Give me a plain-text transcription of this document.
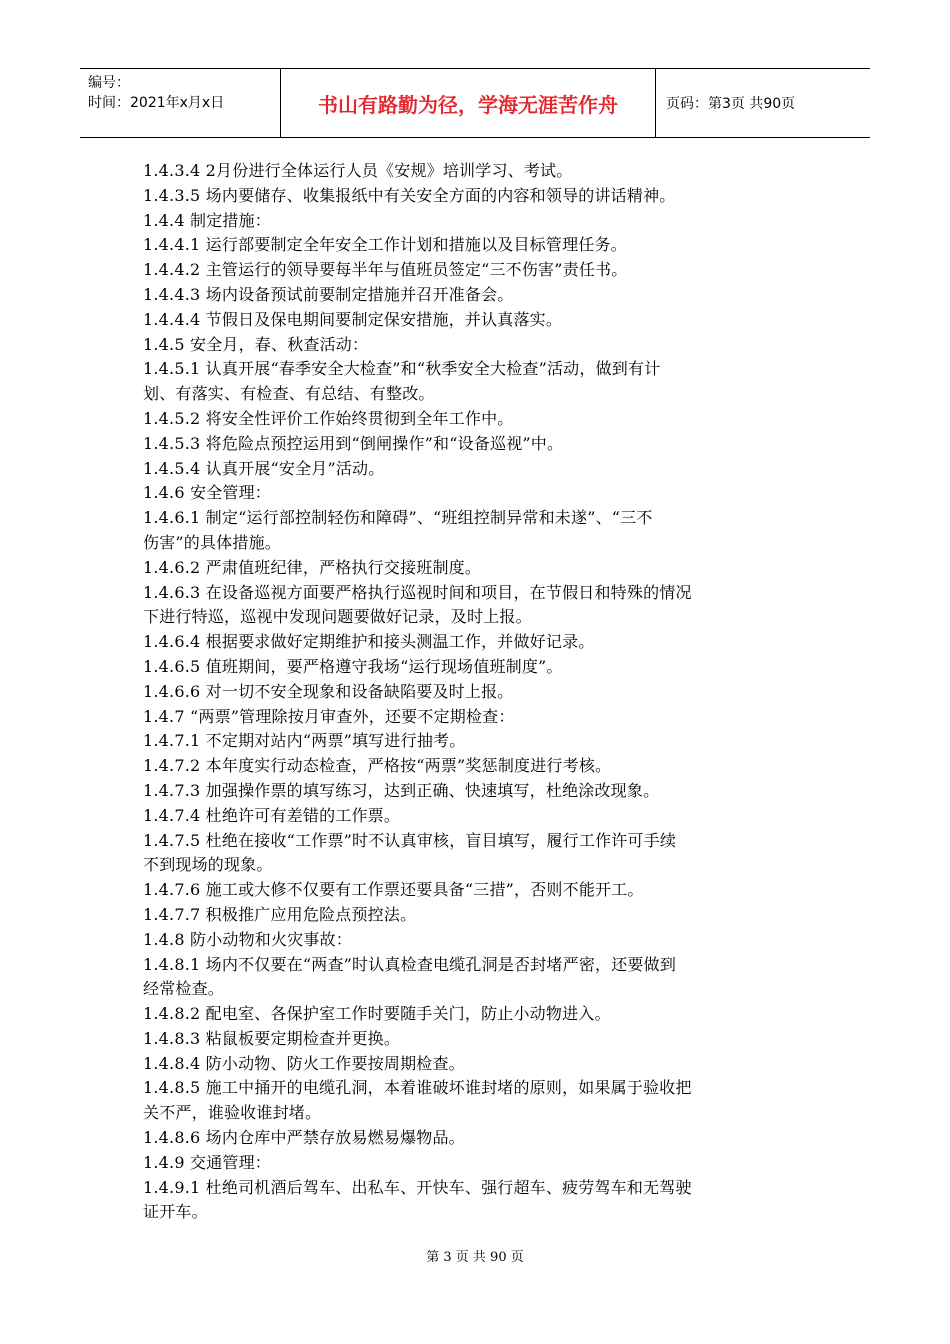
编号：
时间：2021年x月x日	书山有路勤为径，学海无涯苦作舟	页码：第3页 共90页
1.4.3.4 2月份进行全体运行人员《安规》培训学习、考试。
1.4.3.5 场内要储存、收集报纸中有关安全方面的内容和领导的讲话精神。
1.4.4 制定措施：
1.4.4.1 运行部要制定全年安全工作计划和措施以及目标管理任务。
1.4.4.2 主管运行的领导要每半年与值班员签定“三不伤害”责任书。
1.4.4.3 场内设备预试前要制定措施并召开准备会。
1.4.4.4 节假日及保电期间要制定保安措施，并认真落实。
1.4.5 安全月，春、秋查活动：
1.4.5.1 认真开展“春季安全大检查”和“秋季安全大检查”活动，做到有计
划、有落实、有检查、有总结、有整改。
1.4.5.2 将安全性评价工作始终贯彻到全年工作中。
1.4.5.3 将危险点预控运用到“倒闸操作”和“设备巡视”中。
1.4.5.4 认真开展“安全月”活动。
1.4.6 安全管理：
1.4.6.1 制定“运行部控制轻伤和障碍”、“班组控制异常和未遂”、“三不
伤害”的具体措施。
1.4.6.2 严肃值班纪律，严格执行交接班制度。
1.4.6.3 在设备巡视方面要严格执行巡视时间和项目，在节假日和特殊的情况
下进行特巡，巡视中发现问题要做好记录，及时上报。
1.4.6.4 根据要求做好定期维护和接头测温工作，并做好记录。
1.4.6.5 值班期间，要严格遵守我场“运行现场值班制度”。
1.4.6.6 对一切不安全现象和设备缺陷要及时上报。
1.4.7 “两票”管理除按月审查外，还要不定期检查：
1.4.7.1 不定期对站内“两票”填写进行抽考。
1.4.7.2 本年度实行动态检查，严格按“两票”奖惩制度进行考核。
1.4.7.3 加强操作票的填写练习，达到正确、快速填写，杜绝涂改现象。
1.4.7.4 杜绝许可有差错的工作票。
1.4.7.5 杜绝在接收“工作票”时不认真审核，盲目填写，履行工作许可手续
不到现场的现象。
1.4.7.6 施工或大修不仅要有工作票还要具备“三措”，否则不能开工。
1.4.7.7 积极推广应用危险点预控法。
1.4.8 防小动物和火灾事故：
1.4.8.1 场内不仅要在“两查”时认真检查电缆孔洞是否封堵严密，还要做到
经常检查。
1.4.8.2 配电室、各保护室工作时要随手关门，防止小动物进入。
1.4.8.3 粘鼠板要定期检查并更换。
1.4.8.4 防小动物、防火工作要按周期检查。
1.4.8.5 施工中捅开的电缆孔洞，本着谁破坏谁封堵的原则，如果属于验收把
关不严，谁验收谁封堵。
1.4.8.6 场内仓库中严禁存放易燃易爆物品。
1.4.9 交通管理：
1.4.9.1 杜绝司机酒后驾车、出私车、开快车、强行超车、疲劳驾车和无驾驶
证开车。
第 3 页 共 90 页
